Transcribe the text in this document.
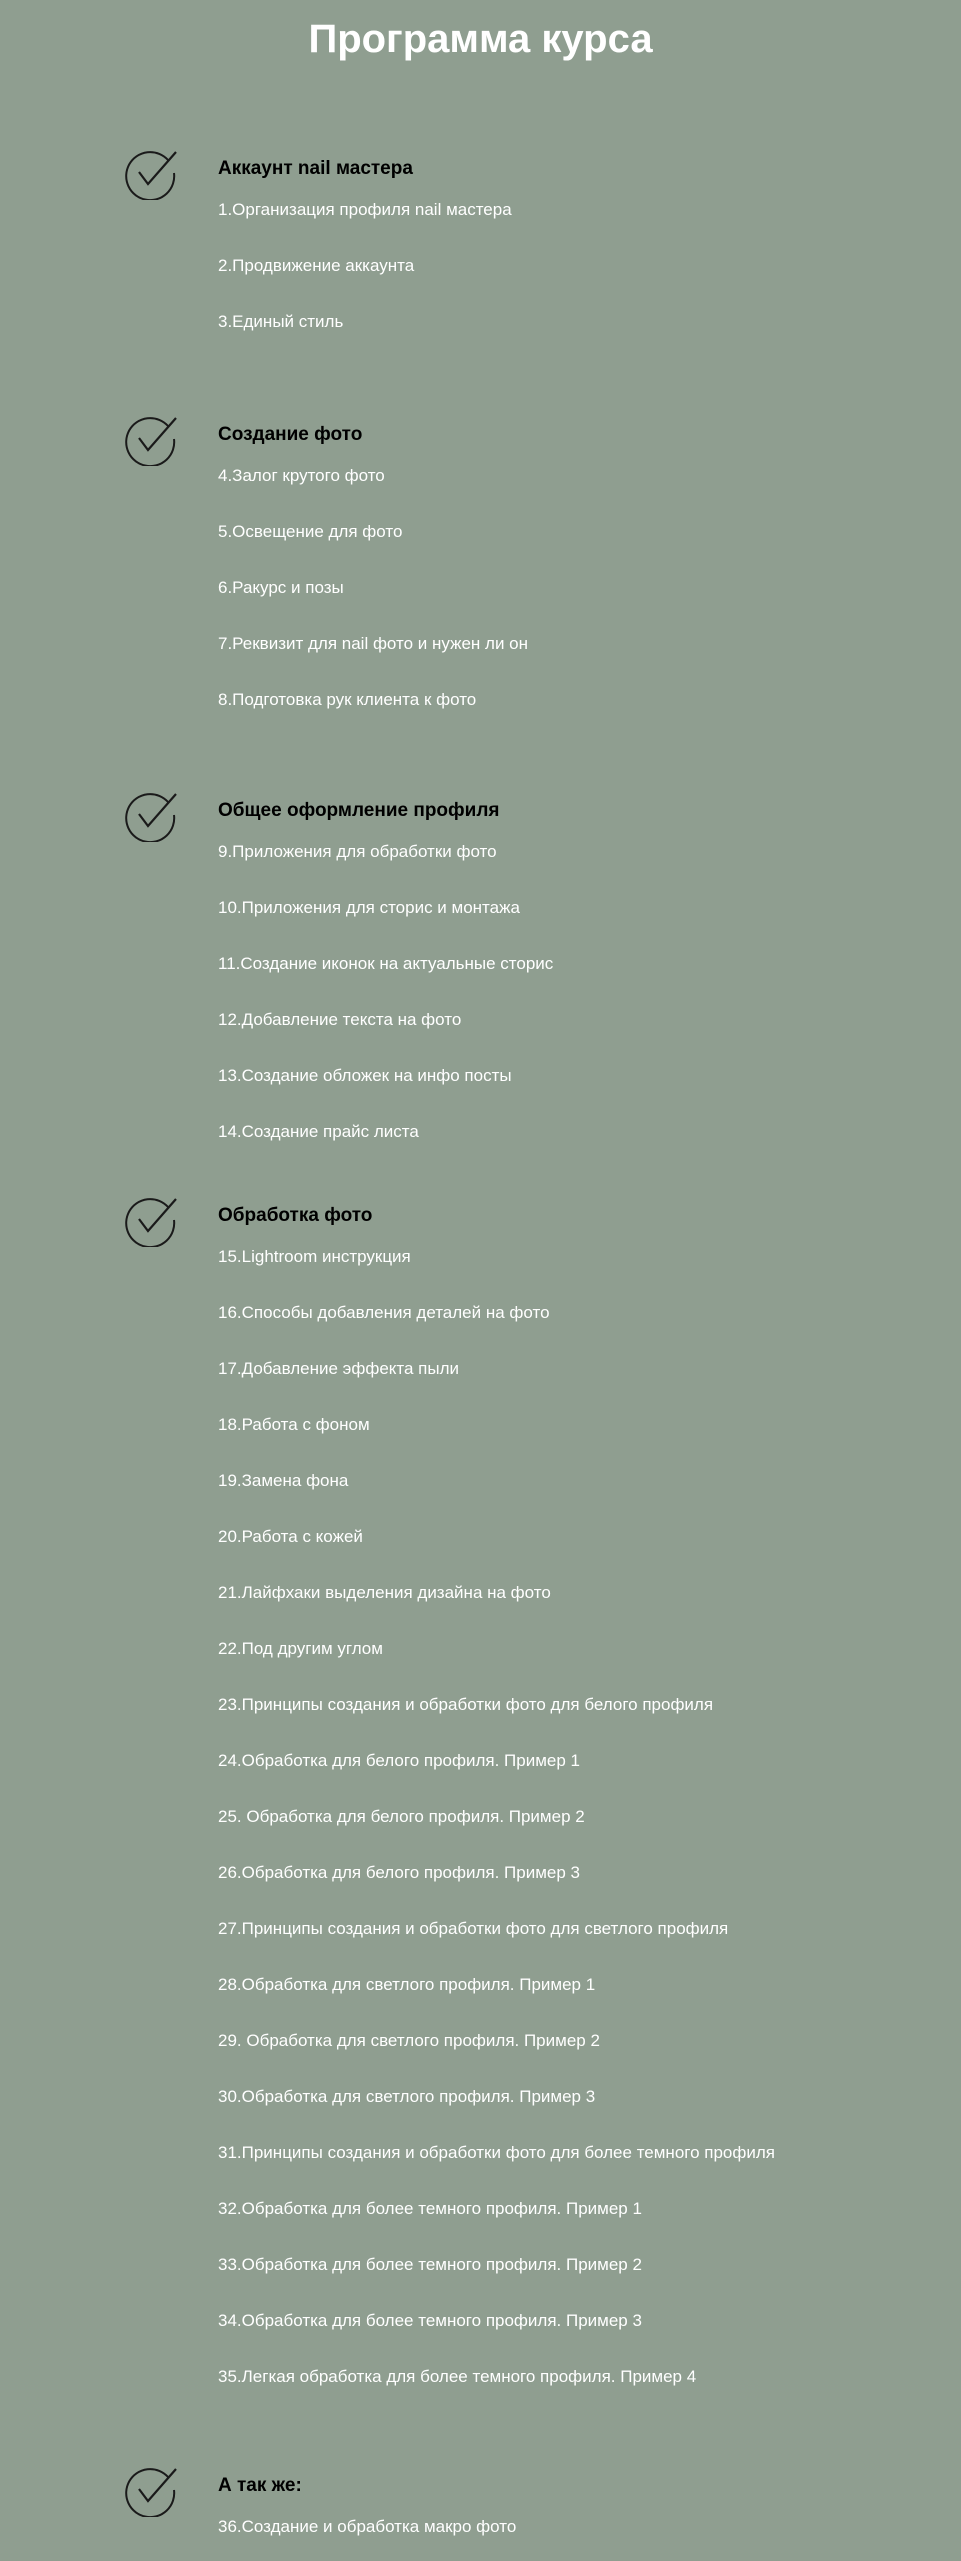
Программа курса
Аккаунт nail мастера

1.Организация профиля nail мастера

2.Продвижение аккаунта

3.Единый стиль

Создание фото

4.Залог крутого фото

5.Освещение для фото

6.Ракурс и позы

7.Реквизит для nail фото и нужен ли он

8.Подготовка рук клиента к фото

Общее оформление профиля

9.Приложения для обработки фото

10.Приложения для сторис и монтажа

11.Создание иконок на актуальные сторис

12.Добавление текста на фото

13.Создание обложек на инфо посты

14.Создание прайс листа

Обработка фото

15.Lightroom инструкция

16.Способы добавления деталей на фото

17.Добавление эффекта пыли

18.Работа с фоном

19.Замена фона

20.Работа с кожей

21.Лайфхаки выделения дизайна на фото

22.Под другим углом

23.Принципы создания и обработки фото для белого профиля

24.Обработка для белого профиля. Пример 1

25. Обработка для белого профиля. Пример 2

26.Обработка для белого профиля. Пример 3

27.Принципы создания и обработки фото для светлого профиля

28.Обработка для светлого профиля. Пример 1

29. Обработка для светлого профиля. Пример 2

30.Обработка для светлого профиля. Пример 3

31.Принципы создания и обработки фото для более темного профиля

32.Обработка для более темного профиля. Пример 1

33.Обработка для более темного профиля. Пример 2

34.Обработка для более темного профиля. Пример 3

35.Легкая обработка для более темного профиля. Пример 4

А так же:

36.Создание и обработка макро фото
